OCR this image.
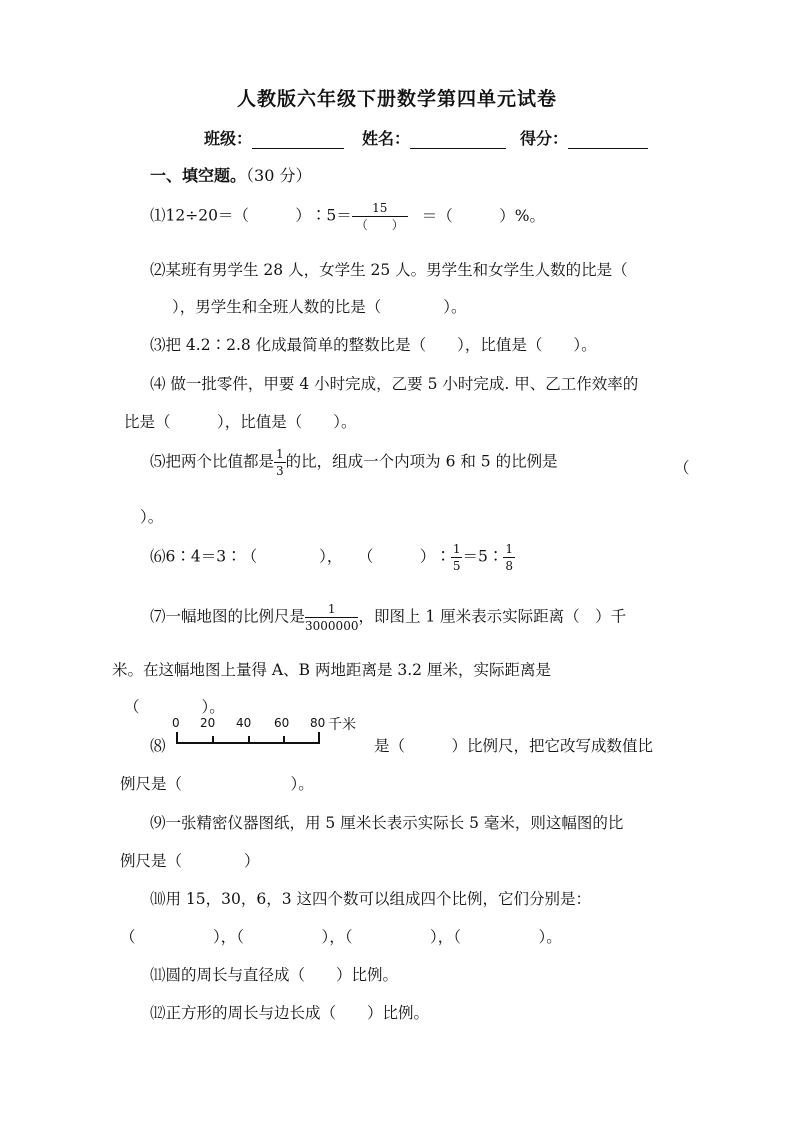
人教版六年级下册数学第四单元试卷
班级：	姓名：	得分：
一、填空题。（30 分）
⑴12÷20＝（　　　）∶5＝ $\frac{15}{( )}$ ＝（　　　）%。
⑵某班有男学生 28 人，女学生 25 人。男学生和女学生人数的比是（
），男学生和全班人数的比是（　　　　）。
⑶把 4.2∶2.8 化成最简单的整数比是（　　），比值是（　　）。
⑷ 做一批零件，甲要 4 小时完成，乙要 5 小时完成. 甲、乙工作效率的
比是（　　　），比值是（　　）。
⑸把两个比值都是 $\frac{1}{3}$ 的比，组成一个内项为 6 和 5 的比例是	（
）。
⑹6∶4＝3∶（　　　　），　　（　　　）∶ $\frac{1}{5}$ ＝5∶ $\frac{1}{8}$
⑺一幅地图的比例尺是 $\frac{1}{3000000}$ ，即图上 1 厘米表示实际距离（　）千
米。在这幅地图上量得 A、B 两地距离是 3.2 厘米，实际距离是
（　　　　）。
⑻
0 20 40 60 80 千米
是（　　　）比例尺，把它改写成数值比
例尺是（　　　　　　　）。
⑼一张精密仪器图纸，用 5 厘米长表示实际长 5 毫米，则这幅图的比
例尺是（　　　　）
⑽用 15，30，6，3 这四个数可以组成四个比例，它们分别是：
（　　　　　），（　　　　　），（　　　　　），（　　　　　）。
⑾圆的周长与直径成（　　）比例。
⑿正方形的周长与边长成（　　）比例。
